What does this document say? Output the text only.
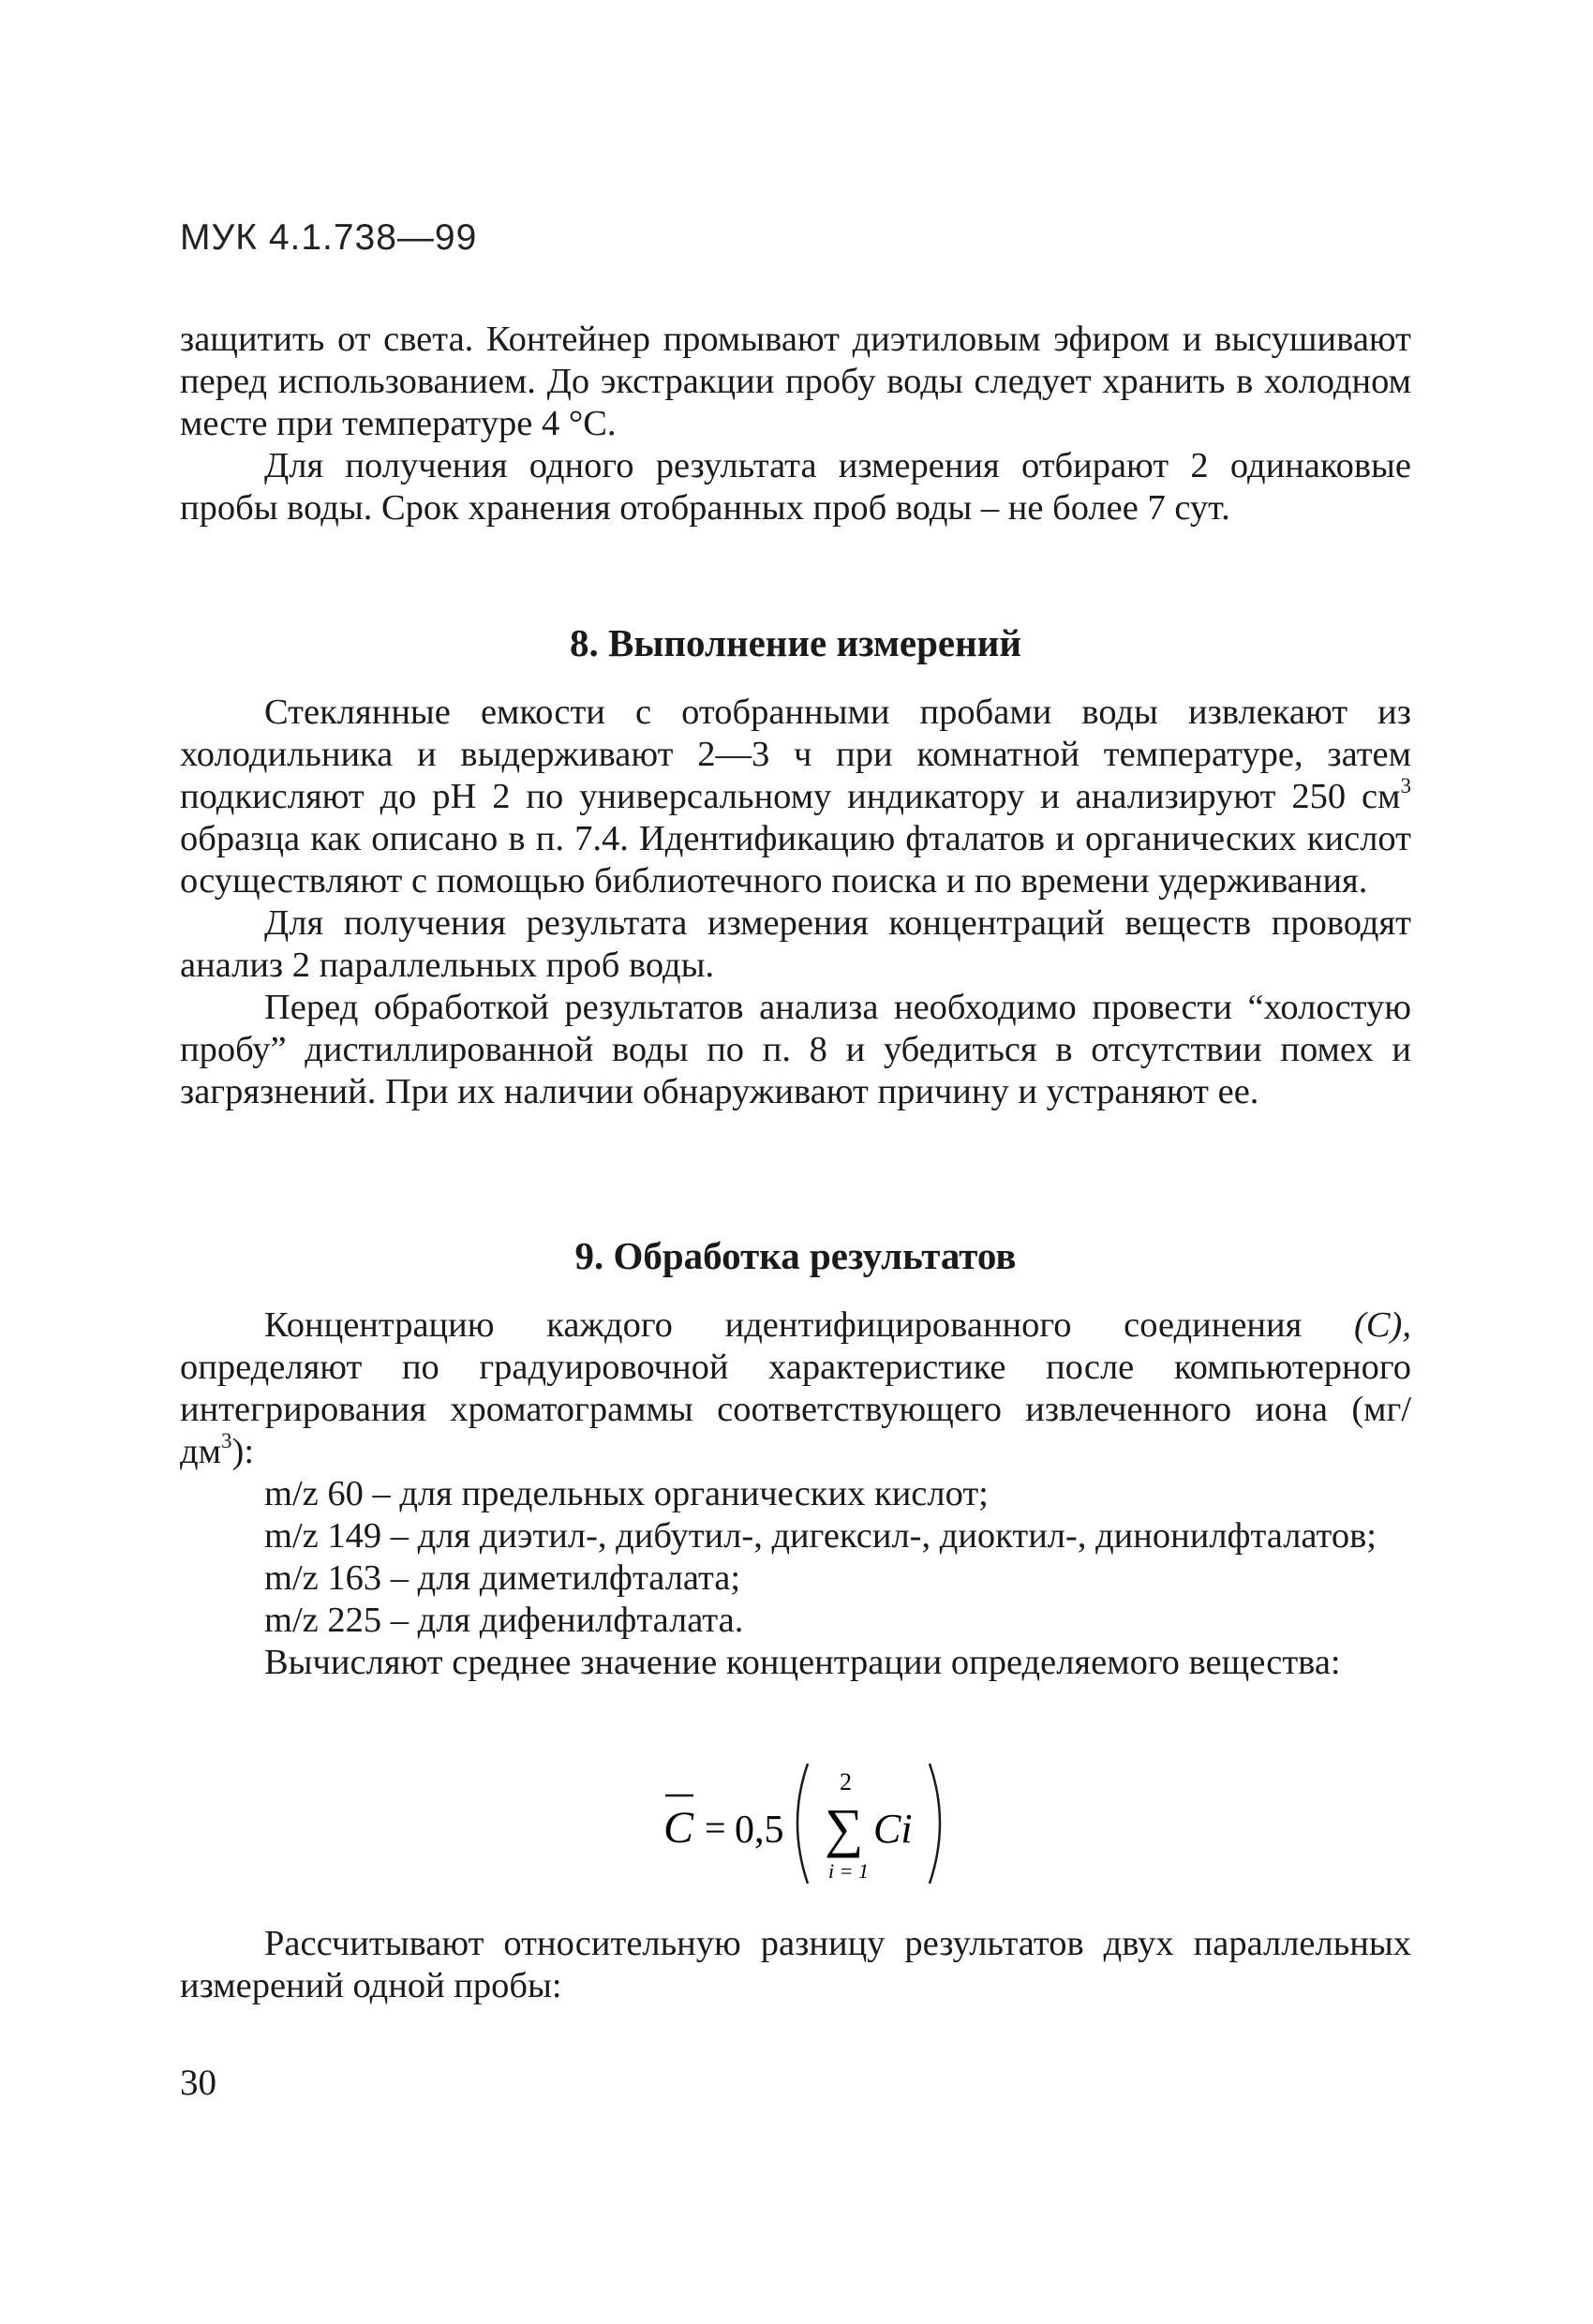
МУК 4.1.738—99

защитить от света. Контейнер промывают диэтиловым эфиром и высушивают перед использованием. До экстракции пробу воды следует хранить в холодном месте при температуре 4 °С.

Для получения одного результата измерения отбирают 2 одинаковые пробы воды. Срок хранения отобранных проб воды – не более 7 сут.

8. Выполнение измерений

Стеклянные емкости с отобранными пробами воды извлекают из холодильника и выдерживают 2—3 ч при комнатной температуре, затем подкисляют до pH 2 по универсальному индикатору и анализируют 250 $см^3$ образца как описано в п. 7.4. Идентификацию фталатов и органических кислот осуществляют с помощью библиотечного поиска и по времени удерживания.

Для получения результата измерения концентраций веществ проводят анализ 2 параллельных проб воды.

Перед обработкой результатов анализа необходимо провести “холостую пробу” дистиллированной воды по п. 8 и убедиться в отсутствии помех и загрязнений. При их наличии обнаруживают причину и устраняют ее.

9. Обработка результатов

Концентрацию каждого идентифицированного соединения (С), определяют по градуировочной характеристике после компьютерного интегрирования хроматограммы соответствующего извлеченного иона $(мг/дм^3)$:

m/z 60 – для предельных органических кислот;

m/z 149 – для диэтил-, дибутил-, дигексил-, диоктил-, динонилфталатов;

m/z 163 – для диметилфталата;

m/z 225 – для дифенилфталата.

Вычисляют среднее значение концентрации определяемого вещества:

C = 0,5
2
∑ Ci
i = 1

Рассчитывают относительную разницу результатов двух параллельных измерений одной пробы:

30
